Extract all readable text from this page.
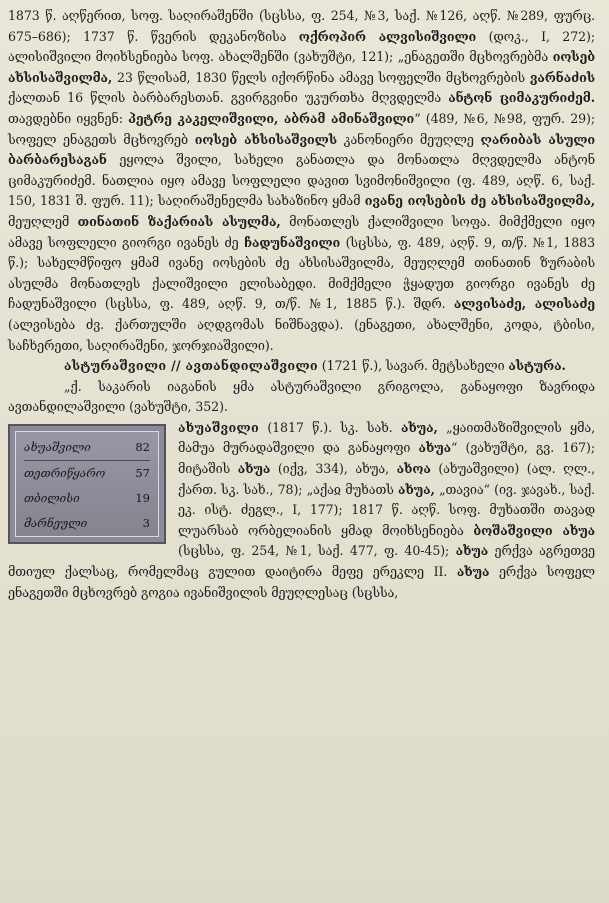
1873 წ. აღწერით, სოფ. საღირაშენში (სცსსა, ფ. 254, №3, საქ. №126, აღწ. №289, ფურც. 675–686); 1737 წ. წვერის დეკანოზისა ოქროპირ ალვისიშვილი (დოკ., I, 272); ალისიშვილი მოიხსენიება სოფ. ახალშენში (ვახუშტი, 121); „ენაგეთში მცხოვრებმა იოსებ ახსისაშვილმა, 23 წლისამ, 1830 წელს იქორწინა ამავე სოფელში მცხოვრების ვარნაძის ქალთან 16 წლის ბარბარესთან. გვირგვინი უკურთხა მღვდელმა ანტონ ციმაკურიძემ. თავდებნი იყვნენ: პეტრე კაკელიშვილი, აბრამ ამინაშვილი“ (489, №6, №98, ფურ. 29); სოფელ ენაგეთს მცხოვრებ იოსებ ახსისაშვილს კანონიერი მეუღლე ღარიბას ასული ბარბარესაგან ეყოლა შვილი, სახელი განათლა და მონათლა მღვდელმა ანტონ ციმაკურიძემ. ნათლია იყო ამავე სოფლელი დავით სვიმონიშვილი (ფ. 489, აღწ. 6, საქ. 150, 1831 შ. ფურ. 11); საღირაშენელმა სახაზინო ყმამ ივანე იოსების ძე ახსისაშვილმა, მეუღლემ თინათინ ზაქარიას ასულმა, მონათლეს ქალიშვილი სოფა. მიმქმელი იყო ამავე სოფლელი გიორგი ივანეს ძე ჩადუნაშვილი (სცსსა, ფ. 489, აღწ. 9, თ/წ. №1, 1883 წ.); სახელმწიფო ყმამ ივანე იოსების ძე ახსისაშვილმა, მეუღლემ თინათინ ზურაბის ასულმა მონათლეს ქალიშვილი ელისაბედი. მიმქმელი ჭყადუთ გიორგი ივანეს ძე ჩადუნაშვილი (სცსსა, ფ. 489, აღწ. 9, თ/წ. №1, 1885 წ.). შდრ. ალვისაძე, ალისაძე (ალვისება ძვ. ქართულში აღდგომას ნიშნავდა). (ენაგეთი, ახალშენი, კოდა, ტბისი, საჩხერეთი, საღირაშენი, ჯორჯიაშვილი).

ასტურაშვილი // ავთანდილაშვილი (1721 წ.), სავარ. მეტსახელი ასტურა.

„ქ. საკარის იაგანის ყმა ასტურაშვილი გრიგოლა, განაყოფი ზავრიდა ავთანდილაშვილი (ვახუშტი, 352).

ახუაშვილი	82
თეთრიწყარო	57
თბილისი	19
მარნეული	3

ახუაშვილი (1817 წ.). სკ. სახ. ახუა, „ყაითმაზიშვილის ყმა, მამუა მურადაშვილი და განაყოფი ახუა“ (ვახუშტი, გვ. 167); მიტაშის ახუა (იქვ, 334), ახუა, ახოა (ახუაშვილი) (ალ. ღლ., ქართ. სკ. სახ., 78); „აქაჲ მუხათს ახუა, „თავია“ (ივ. ჯავახ., საქ. ეკ. ისტ. ძეგლ., I, 177); 1817 წ. აღწ. სოფ. მუხათში თავად ლუარსაბ ორბელიანის ყმად მოიხსენიება ბოშაშვილი ახუა (სცსსა, ფ. 254, №1, საქ. 477, ფ. 40-45); ახუა ერქვა აგრეთვე მთიულ ქალსაც, რომელმაც გულით დაიტირა მეფე ერეკლე II. ახუა ერქვა სოფელ ენაგეთში მცხოვრებ გოგია ივანიშვილის მეუღლესაც (სცსსა,
